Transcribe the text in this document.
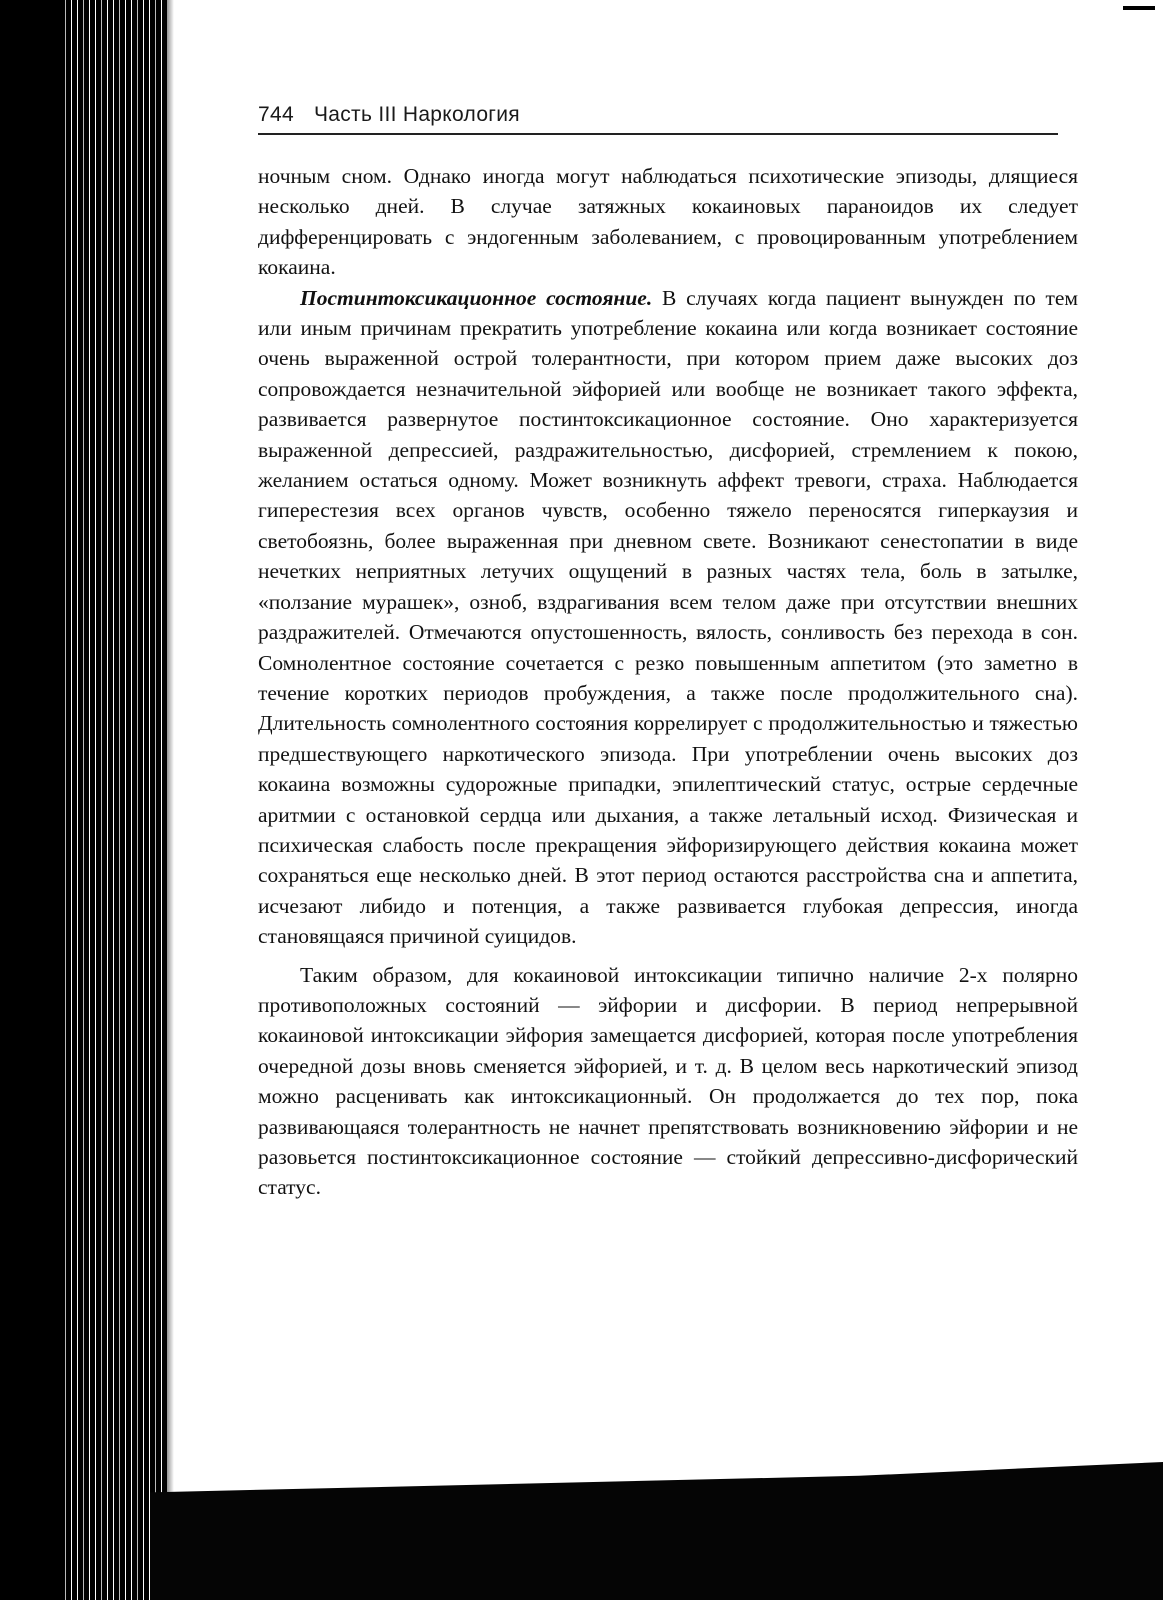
744 Часть III Наркология

ночным сном. Однако иногда могут наблюдаться психотические эпизоды, длящиеся несколько дней. В случае затяжных кокаиновых параноидов их следует дифференцировать с эндогенным заболеванием, с провоцированным употреблением кокаина.

Постинтоксикационное состояние. В случаях когда пациент вынужден по тем или иным причинам прекратить употребление кокаина или когда возникает состояние очень выраженной острой толерантности, при котором прием даже высоких доз сопровождается незначительной эйфорией или вообще не возникает такого эффекта, развивается развернутое постинтоксикационное состояние. Оно характеризуется выраженной депрессией, раздражительностью, дисфорией, стремлением к покою, желанием остаться одному. Может возникнуть аффект тревоги, страха. Наблюдается гиперестезия всех органов чувств, особенно тяжело переносятся гиперкаузия и светобоязнь, более выраженная при дневном свете. Возникают сенестопатии в виде нечетких неприятных летучих ощущений в разных частях тела, боль в затылке, «ползание мурашек», озноб, вздрагивания всем телом даже при отсутствии внешних раздражителей. Отмечаются опустошенность, вялость, сонливость без перехода в сон. Сомнолентное состояние сочетается с резко повышенным аппетитом (это заметно в течение коротких периодов пробуждения, а также после продолжительного сна). Длительность сомнолентного состояния коррелирует с продолжительностью и тяжестью предшествующего наркотического эпизода. При употреблении очень высоких доз кокаина возможны судорожные припадки, эпилептический статус, острые сердечные аритмии с остановкой сердца или дыхания, а также летальный исход. Физическая и психическая слабость после прекращения эйфоризирующего действия кокаина может сохраняться еще несколько дней. В этот период остаются расстройства сна и аппетита, исчезают либидо и потенция, а также развивается глубокая депрессия, иногда становящаяся причиной суицидов.

Таким образом, для кокаиновой интоксикации типично наличие 2-х полярно противоположных состояний — эйфории и дисфории. В период непрерывной кокаиновой интоксикации эйфория замещается дисфорией, которая после употребления очередной дозы вновь сменяется эйфорией, и т. д. В целом весь наркотический эпизод можно расценивать как интоксикационный. Он продолжается до тех пор, пока развивающаяся толерантность не начнет препятствовать возникновению эйфории и не разовьется постинтоксикационное состояние — стойкий депрессивно-дисфорический статус.
